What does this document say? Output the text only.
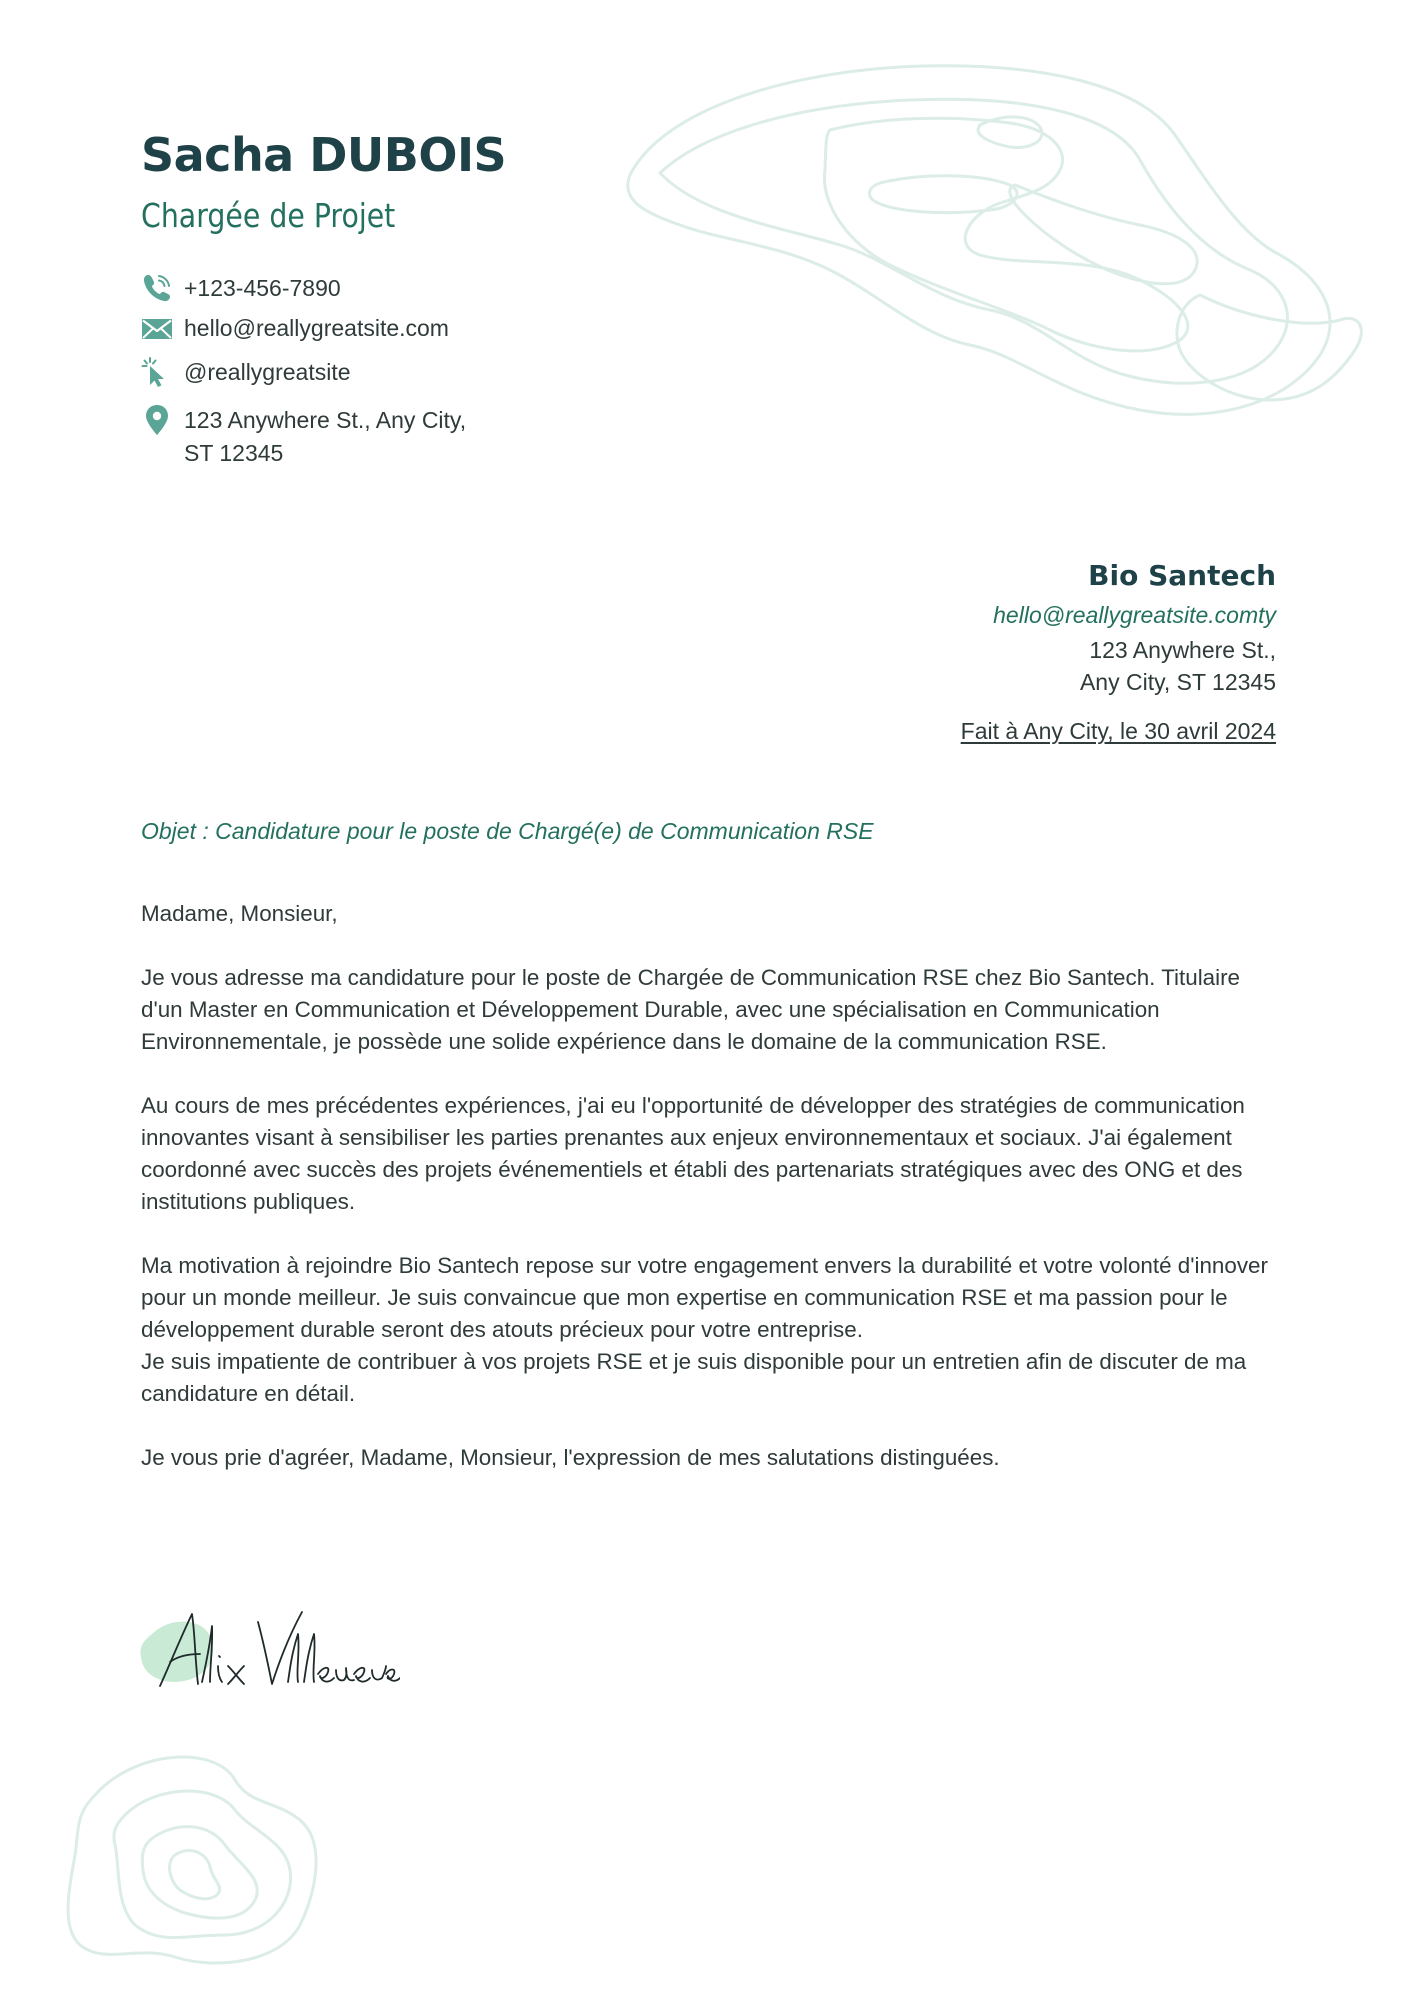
Sacha DUBOIS
Chargée de Projet
+123-456-7890
hello@reallygreatsite.com
@reallygreatsite
123 Anywhere St., Any City,
ST 12345
Bio Santech
hello@reallygreatsite.comty
123 Anywhere St.,
Any City, ST 12345
Fait à Any City, le 30 avril 2024
Objet : Candidature pour le poste de Chargé(e) de Communication RSE

Madame, Monsieur,

Je vous adresse ma candidature pour le poste de Chargée de Communication RSE chez Bio Santech. Titulaire d'un Master en Communication et Développement Durable, avec une spécialisation en Communication Environnementale, je possède une solide expérience dans le domaine de la communication RSE.

Au cours de mes précédentes expériences, j'ai eu l'opportunité de développer des stratégies de communication innovantes visant à sensibiliser les parties prenantes aux enjeux environnementaux et sociaux. J'ai également coordonné avec succès des projets événementiels et établi des partenariats stratégiques avec des ONG et des institutions publiques.

Ma motivation à rejoindre Bio Santech repose sur votre engagement envers la durabilité et votre volonté d'innover pour un monde meilleur. Je suis convaincue que mon expertise en communication RSE et ma passion pour le développement durable seront des atouts précieux pour votre entreprise.
Je suis impatiente de contribuer à vos projets RSE et je suis disponible pour un entretien afin de discuter de ma candidature en détail.

Je vous prie d'agréer, Madame, Monsieur, l'expression de mes salutations distinguées.
